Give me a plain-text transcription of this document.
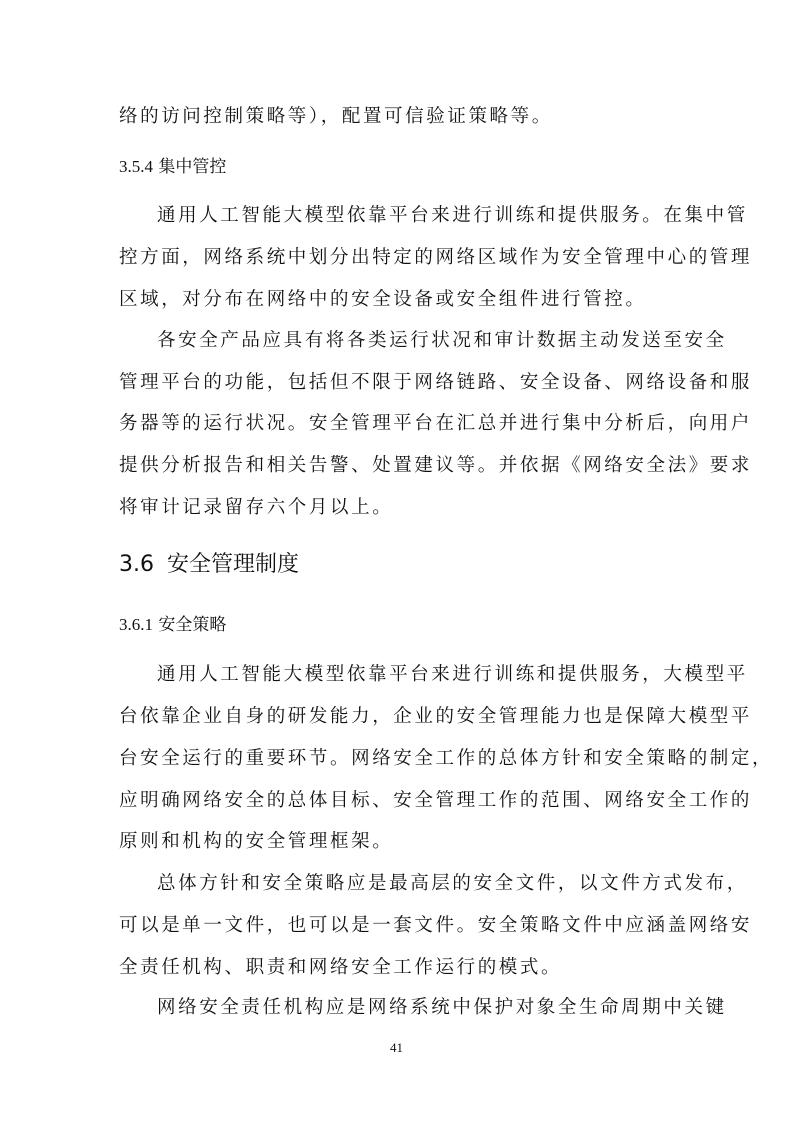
络的访问控制策略等），配置可信验证策略等。
3.5.4 集中管控
通用人工智能大模型依靠平台来进行训练和提供服务。在集中管
控方面，网络系统中划分出特定的网络区域作为安全管理中心的管理
区域，对分布在网络中的安全设备或安全组件进行管控。
各安全产品应具有将各类运行状况和审计数据主动发送至安全
管理平台的功能，包括但不限于网络链路、安全设备、网络设备和服
务器等的运行状况。安全管理平台在汇总并进行集中分析后，向用户
提供分析报告和相关告警、处置建议等。并依据《网络安全法》要求
将审计记录留存六个月以上。
3.6 安全管理制度
3.6.1 安全策略
通用人工智能大模型依靠平台来进行训练和提供服务，大模型平
台依靠企业自身的研发能力，企业的安全管理能力也是保障大模型平
台安全运行的重要环节。网络安全工作的总体方针和安全策略的制定，
应明确网络安全的总体目标、安全管理工作的范围、网络安全工作的
原则和机构的安全管理框架。
总体方针和安全策略应是最高层的安全文件，以文件方式发布，
可以是单一文件，也可以是一套文件。安全策略文件中应涵盖网络安
全责任机构、职责和网络安全工作运行的模式。
网络安全责任机构应是网络系统中保护对象全生命周期中关键
41
